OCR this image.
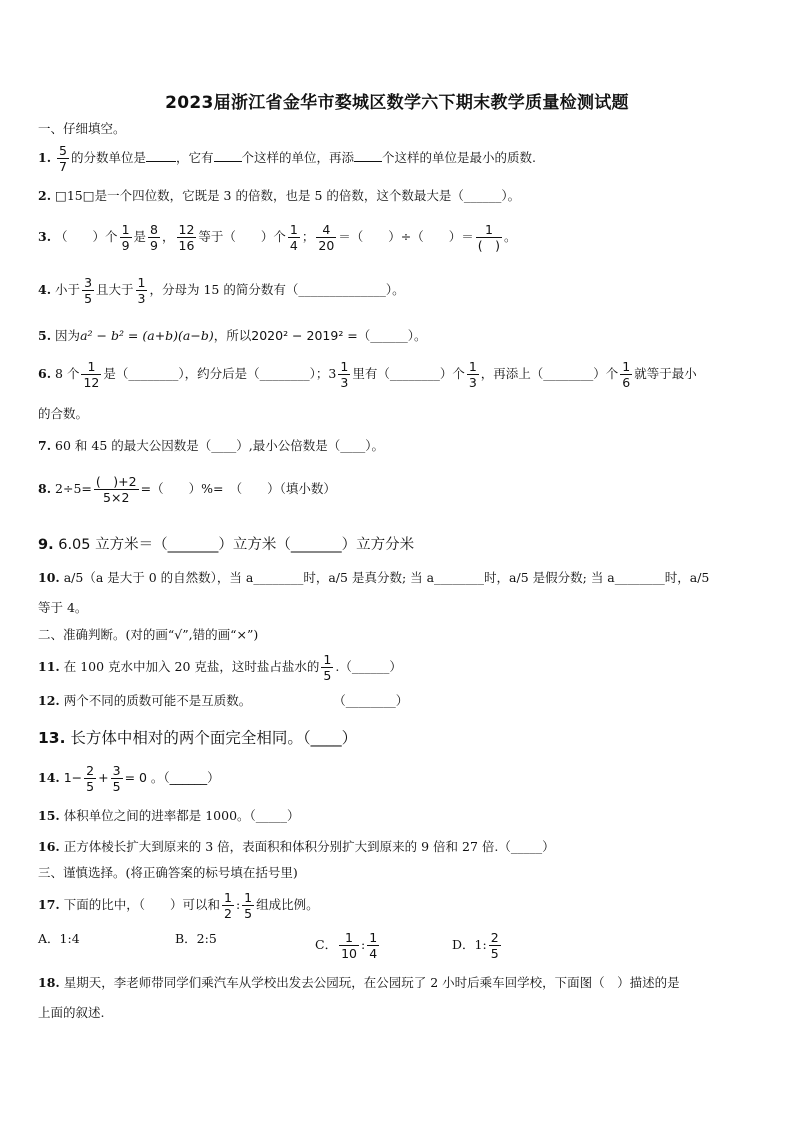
2023届浙江省金华市婺城区数学六下期末教学质量检测试题
一、仔细填空。
1. $\frac{5}{7}$ 的分数单位是 ，它有 个这样的单位，再添 个这样的单位是最小的质数.
2. □15□是一个四位数，它既是 3 的倍数，也是 5 的倍数，这个数最大是（______）。
3. （　　）个 $\frac{1}{9}$ 是 $\frac{8}{9}$ ， $\frac{12}{16}$ 等于（　　）个 $\frac{1}{4}$ ； $\frac{4}{20}$ ＝（　　）÷（　　）＝ $\frac{1}{( )}$ 。
4. 小于 $\frac{3}{5}$ 且大于 $\frac{1}{3}$ ，分母为 15 的简分数有（______________）。
5. 因为a² − b² = (a+b)(a−b)，所以2020² − 2019² =（______）。
6. 8 个 $\frac{1}{12}$ 是（________），约分后是（________）；$3 \frac{1}{3}$ 里有（________）个 $\frac{1}{3}$ ，再添上（________）个 $\frac{1}{6}$ 就等于最小
的合数。
7. 60 和 45 的最大公因数是（____）,最小公倍数是（____）。
8. $2\div 5= \frac{( )+2}{5\times 2}$ =（　　）%=　（　　）（填小数）
9. 6.05 立方米＝（_______）立方米（_______）立方分米
10. a/5（a 是大于 0 的自然数），当 a________时，a/5 是真分数; 当 a________时，a/5 是假分数; 当 a________时，a/5
等于 4。
二、准确判断。(对的画“√”,错的画“×”)
11. 在 100 克水中加入 20 克盐，这时盐占盐水的 $\frac{1}{5}$ .（______）
12. 两个不同的质数可能不是互质数。	（________）
13. 长方体中相对的两个面完全相同。（____）
14. $1- \frac{2}{5} + \frac{3}{5} = 0$ 。（______）
15. 体积单位之间的进率都是 1000。（_____）
16. 正方体棱长扩大到原来的 3 倍，表面积和体积分别扩大到原来的 9 倍和 27 倍.（_____）
三、谨慎选择。(将正确答案的标号填在括号里)
17. 下面的比中，（　　）可以和 $\frac{1}{2}$ : $\frac{1}{5}$ 组成比例。
A．1:4	B．2:5	C． $\frac{1}{10}$ : $\frac{1}{4}$	D．1: $\frac{2}{5}$
18. 星期天，李老师带同学们乘汽车从学校出发去公园玩，在公园玩了 2 小时后乘车回学校，下面图（　）描述的是
上面的叙述.
